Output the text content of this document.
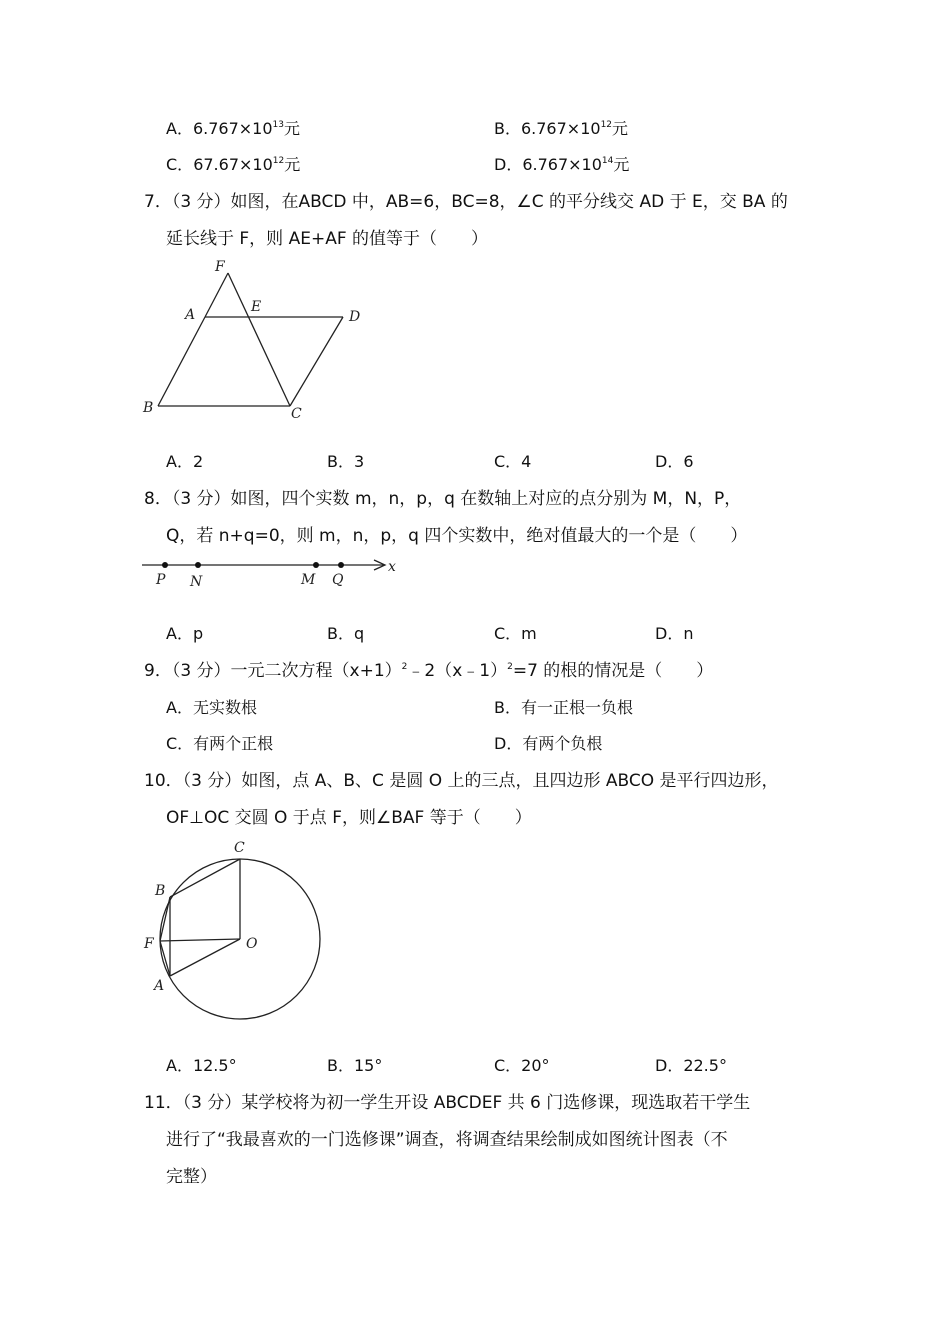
A．$6.767\times 10^{13}$元	B．$6.767\times 10^{12}$元
C．$67.67\times 10^{12}$元	D．$6.767\times 10^{14}$元
7．（3 分）如图，在ABCD 中，AB=6，BC=8，∠C 的平分线交 AD 于 E，交 BA 的
延长线于 F，则 AE+AF 的值等于（　　）
F
A	E
D
B	C
A．2	B．3	C．4	D．6
8．（3 分）如图，四个实数 m，n，p，q 在数轴上对应的点分别为 M，N，P，
Q，若 n+q=0，则 m，n，p，q 四个实数中，绝对值最大的一个是（　　）
P N	M Q
x
A．p	B．q	C．m	D．n
9．（3 分）一元二次方程$(x+1)^2﹣2(x﹣1)^2=7$ 的根的情况是（　　）
A．无实数根	B．有一正根一负根
C．有两个正根	D．有两个负根
10．（3 分）如图，点 A、B、C 是圆 O 上的三点，且四边形 ABCO 是平行四边形，
OF⊥OC 交圆 O 于点 F，则∠BAF 等于（　　）
C
B
F	O
A
A．12.5°	B．15°	C．20°	D．22.5°
11．（3 分）某学校将为初一学生开设 ABCDEF 共 6 门选修课，现选取若干学生
进行了“我最喜欢的一门选修课”调查，将调查结果绘制成如图统计图表（不
完整）
